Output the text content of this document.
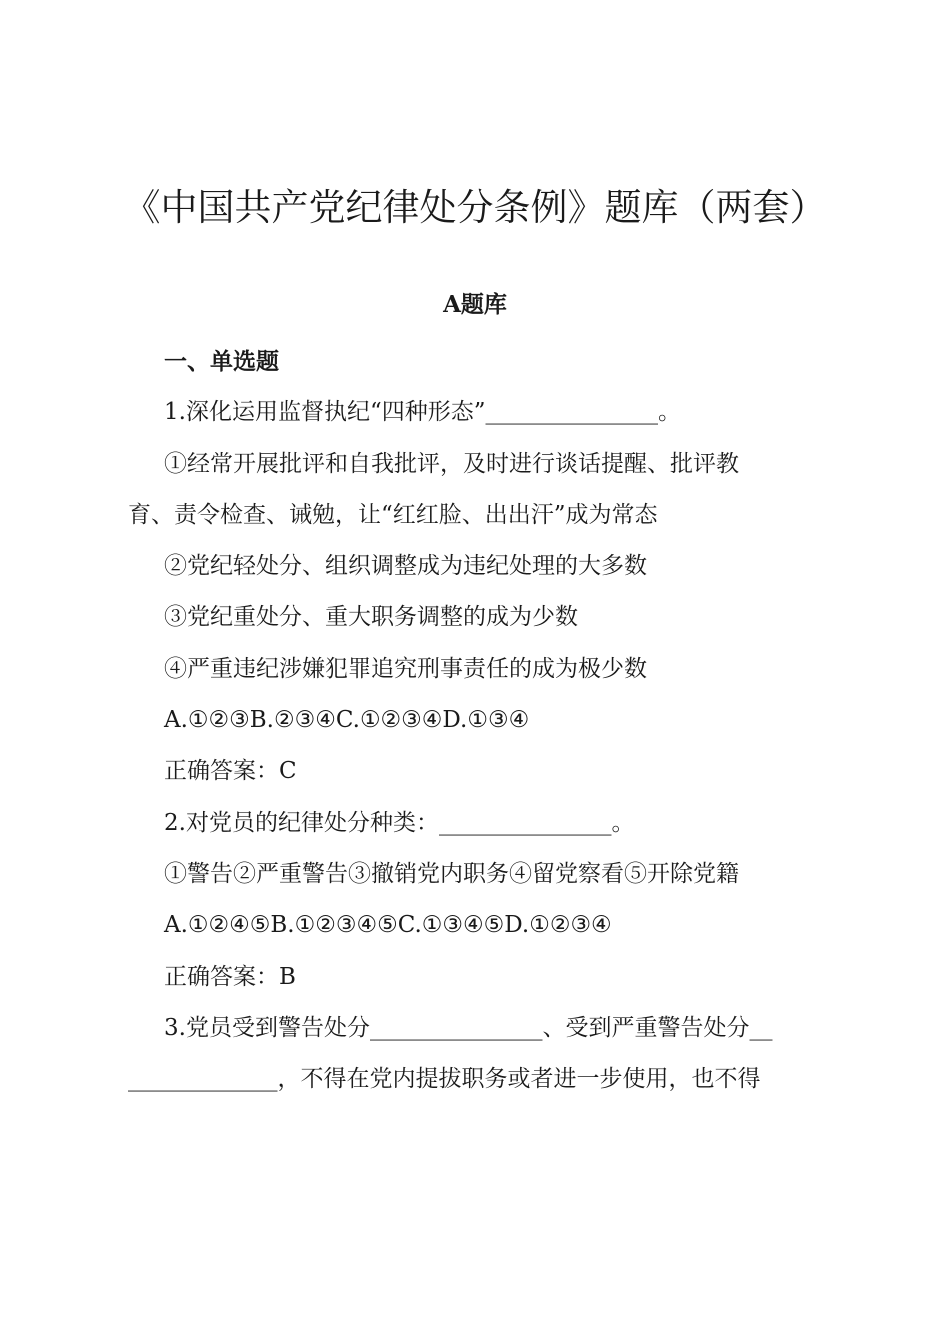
《中国共产党纪律处分条例》题库（两套）
A题库

一、单选题

1.深化运用监督执纪“四种形态”_______________。

①经常开展批评和自我批评，及时进行谈话提醒、批评教
育、责令检查、诫勉，让“红红脸、出出汗”成为常态

②党纪轻处分、组织调整成为违纪处理的大多数

③党纪重处分、重大职务调整的成为少数

④严重违纪涉嫌犯罪追究刑事责任的成为极少数

A.①②③B.②③④C.①②③④D.①③④

正确答案：C

2.对党员的纪律处分种类：_______________。

①警告②严重警告③撤销党内职务④留党察看⑤开除党籍

A.①②④⑤B.①②③④⑤C.①③④⑤D.①②③④

正确答案：B

3.党员受到警告处分_______________、受到严重警告处分__
_____________，不得在党内提拔职务或者进一步使用，也不得
